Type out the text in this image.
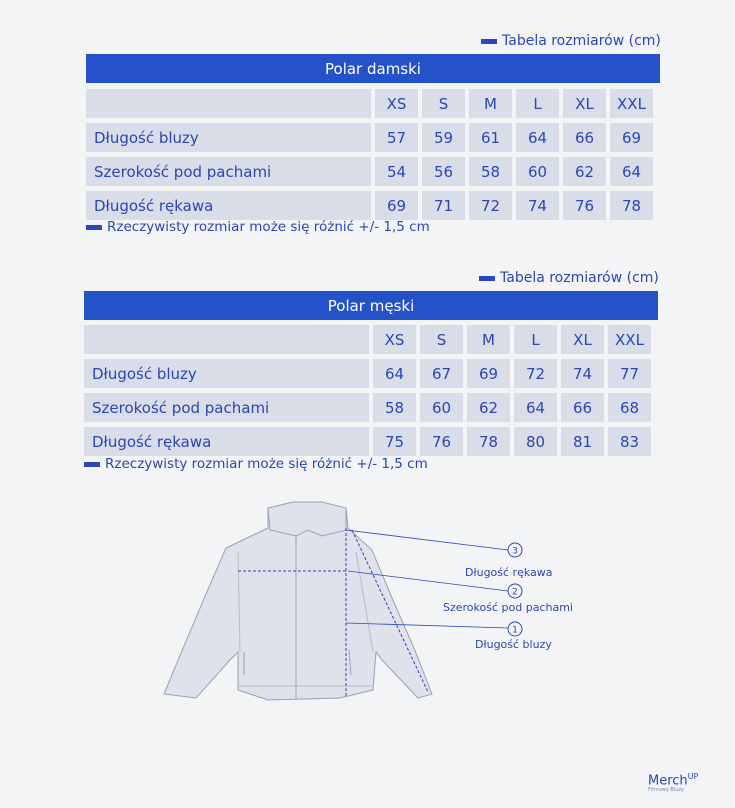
Tabela rozmiarów (cm)
Polar damski
	XS	S	M	L	XL	XXL
Długość bluzy	57	59	61	64	66	69
Szerokość pod pachami	54	56	58	60	62	64
Długość rękawa	69	71	72	74	76	78
Rzeczywisty rozmiar może się różnić +/- 1,5 cm
Tabela rozmiarów (cm)
Polar męski
	XS	S	M	L	XL	XXL
Długość bluzy	64	67	69	72	74	77
Szerokość pod pachami	58	60	62	64	66	68
Długość rękawa	75	76	78	80	81	83
Rzeczywisty rozmiar może się różnić +/- 1,5 cm
3
2
1
Długość rękawa
Szerokość pod pachami
Długość bluzy
Merch$^{UP}$
Firmowy Bluzy
